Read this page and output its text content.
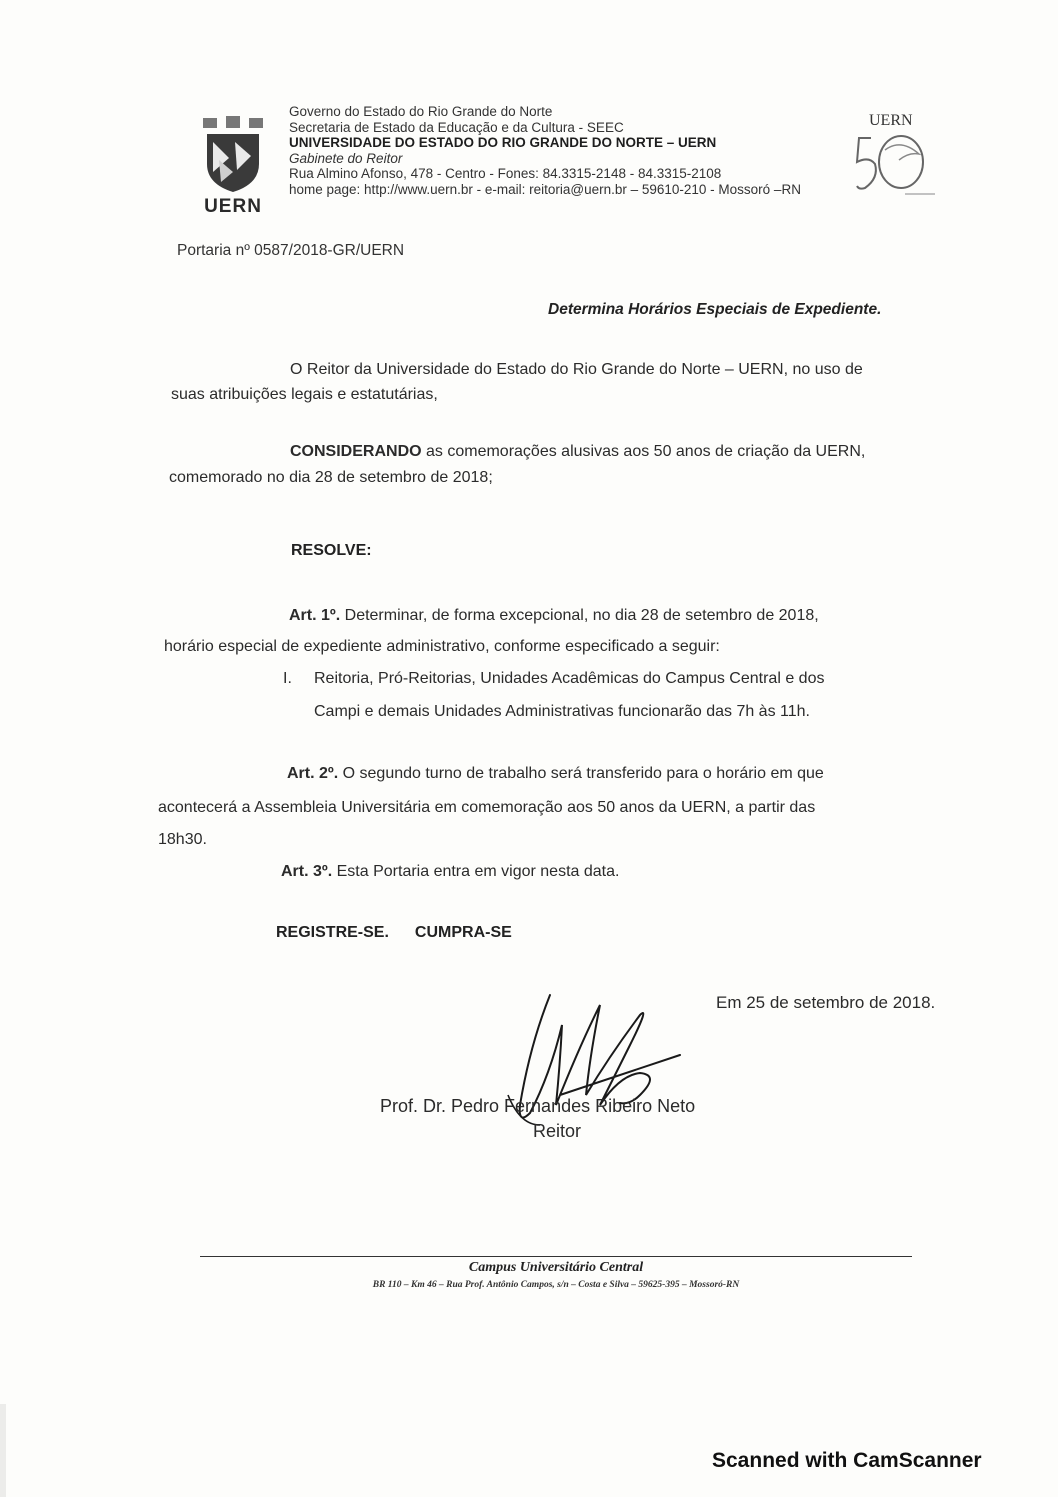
UERN
Governo do Estado do Rio Grande do Norte
Secretaria de Estado da Educação e da Cultura - SEEC
UNIVERSIDADE DO ESTADO DO RIO GRANDE DO NORTE – UERN
Gabinete do Reitor
Rua Almino Afonso, 478 - Centro - Fones: 84.3315-2148 - 84.3315-2108
home page: http://www.uern.br - e-mail: reitoria@uern.br – 59610-210 - Mossoró –RN
UERN
Portaria nº 0587/2018-GR/UERN
Determina Horários Especiais de Expediente.
O Reitor da Universidade do Estado do Rio Grande do Norte – UERN, no uso de
suas atribuições legais e estatutárias,
CONSIDERANDO as comemorações alusivas aos 50 anos de criação da UERN,
comemorado no dia 28 de setembro de 2018;
RESOLVE:
Art. 1º. Determinar, de forma excepcional, no dia 28 de setembro de 2018,
horário especial de expediente administrativo, conforme especificado a seguir:
I. Reitoria, Pró-Reitorias, Unidades Acadêmicas do Campus Central e dos
Campi e demais Unidades Administrativas funcionarão das 7h às 11h.
Art. 2º. O segundo turno de trabalho será transferido para o horário em que
acontecerá a Assembleia Universitária em comemoração aos 50 anos da UERN, a partir das
18h30.
Art. 3º. Esta Portaria entra em vigor nesta data.
REGISTRE-SE. CUMPRA-SE
Em 25 de setembro de 2018.
Prof. Dr. Pedro Fernandes Ribeiro Neto
Reitor
Campus Universitário Central
BR 110 – Km 46 – Rua Prof. Antônio Campos, s/n – Costa e Silva – 59625-395 – Mossoró-RN
Scanned with CamScanner
